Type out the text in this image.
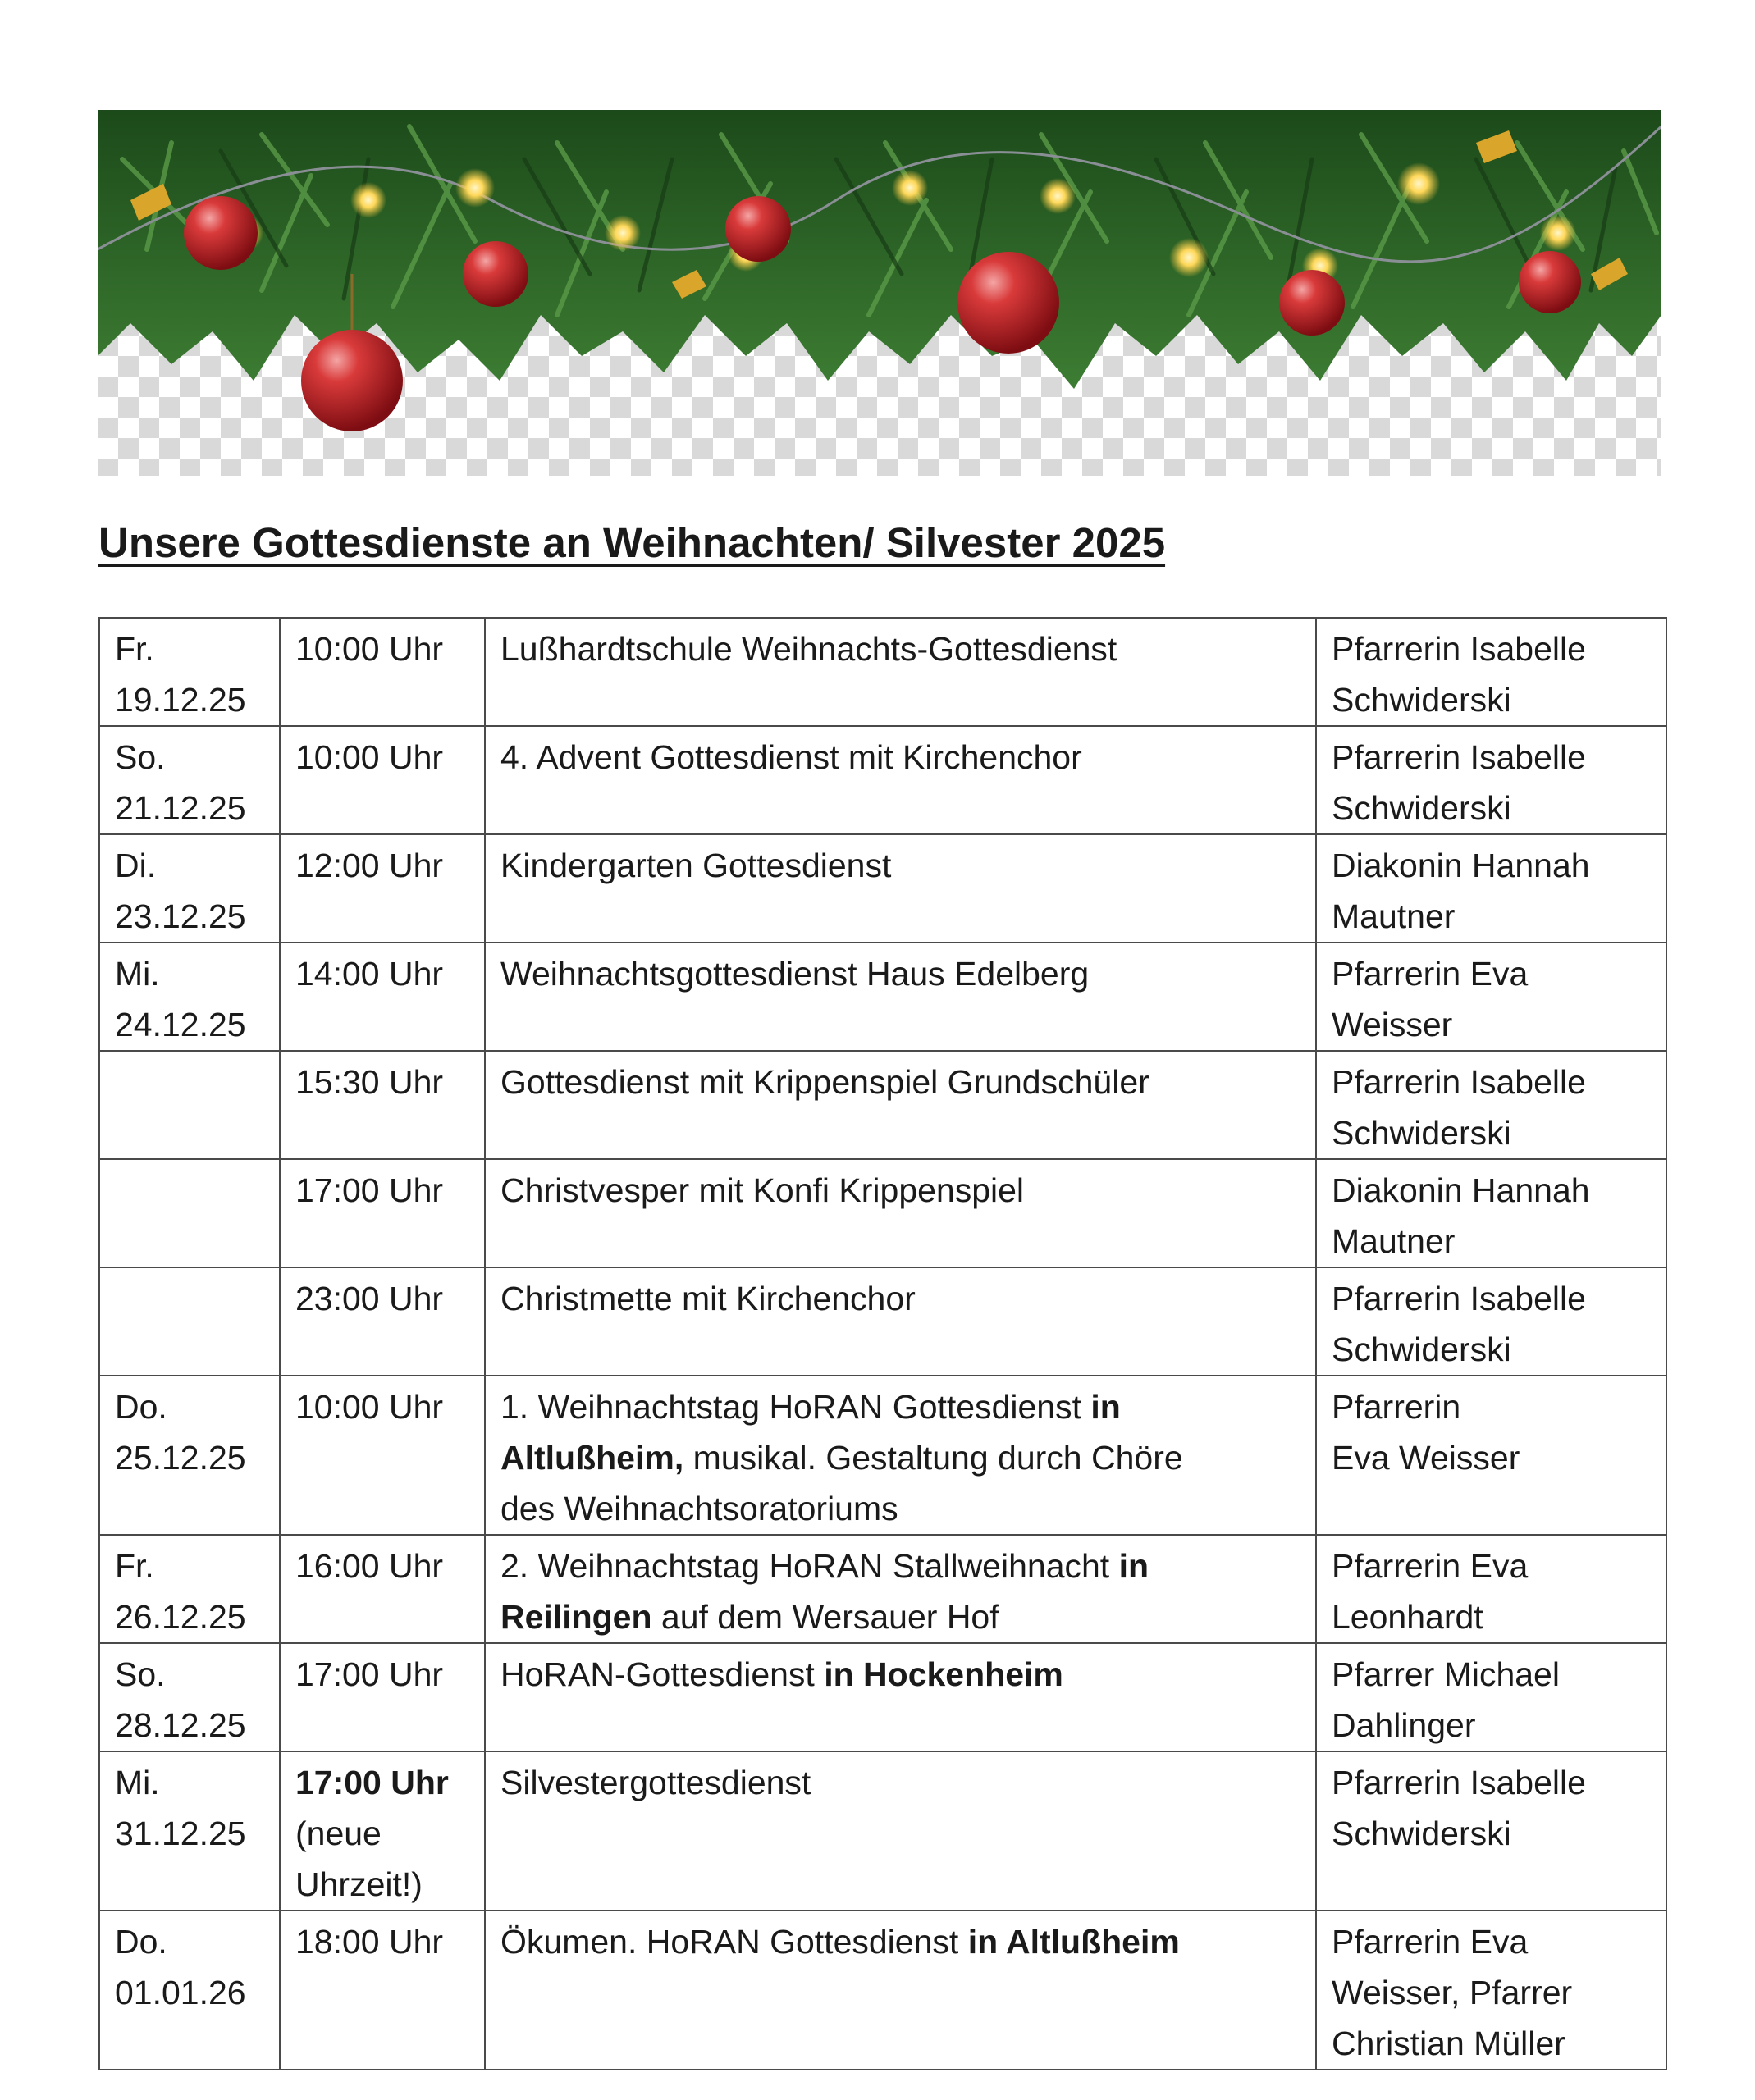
Unsere Gottesdienste an Weihnachten/ Silvester 2025
Fr.
19.12.25	10:00 Uhr	Lußhardtschule Weihnachts-Gottesdienst	Pfarrerin Isabelle
Schwiderski

So.
21.12.25	10:00 Uhr	4. Advent Gottesdienst mit Kirchenchor	Pfarrerin Isabelle
Schwiderski

Di.
23.12.25	12:00 Uhr	Kindergarten Gottesdienst	Diakonin Hannah
Mautner

Mi.
24.12.25	14:00 Uhr	Weihnachtsgottesdienst Haus Edelberg	Pfarrerin Eva
Weisser

	15:30 Uhr	Gottesdienst mit Krippenspiel Grundschüler	Pfarrerin Isabelle
Schwiderski

	17:00 Uhr	Christvesper mit Konfi Krippenspiel	Diakonin Hannah
Mautner

	23:00 Uhr	Christmette mit Kirchenchor	Pfarrerin Isabelle
Schwiderski

Do.
25.12.25	10:00 Uhr	1. Weihnachtstag HoRAN Gottesdienst in
Altlußheim, musikal. Gestaltung durch Chöre
des Weihnachtsoratoriums	Pfarrerin
Eva Weisser

Fr.
26.12.25	16:00 Uhr	2. Weihnachtstag HoRAN Stallweihnacht in
Reilingen auf dem Wersauer Hof	Pfarrerin Eva
Leonhardt

So.
28.12.25	17:00 Uhr	HoRAN-Gottesdienst in Hockenheim	Pfarrer Michael
Dahlinger

Mi.
31.12.25	17:00 Uhr
(neue
Uhrzeit!)	Silvestergottesdienst	Pfarrerin Isabelle
Schwiderski

Do.
01.01.26	18:00 Uhr	Ökumen. HoRAN Gottesdienst in Altlußheim	Pfarrerin Eva
Weisser, Pfarrer
Christian Müller
